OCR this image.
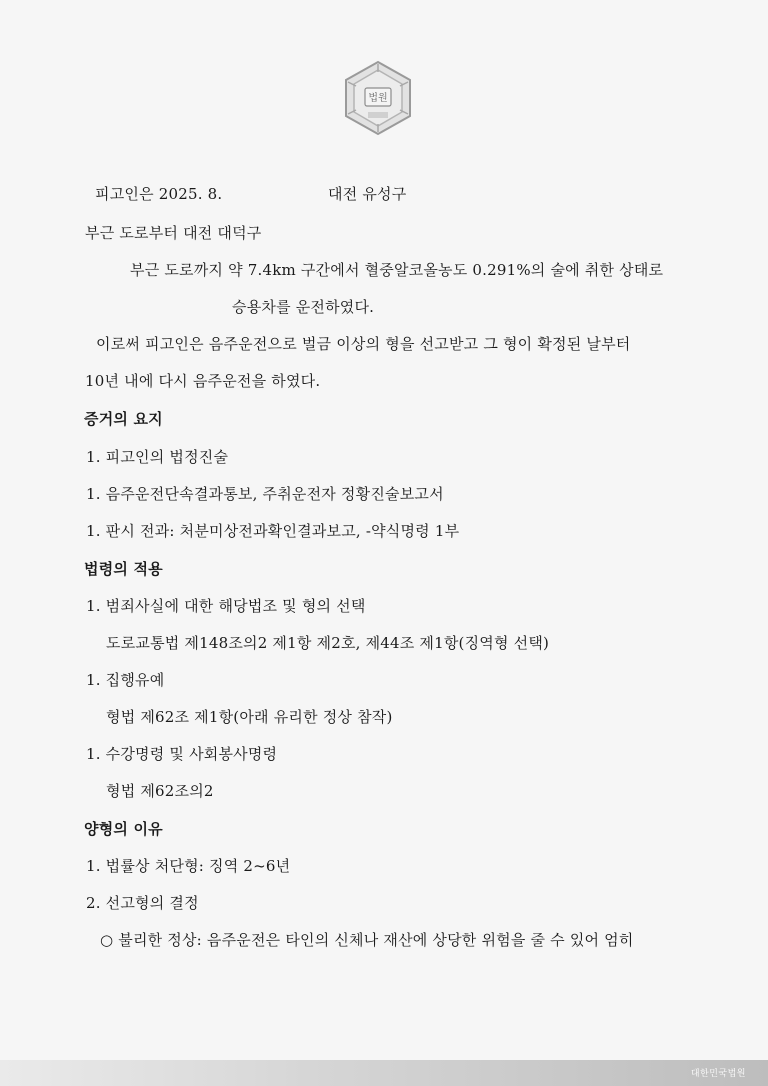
법원
피고인은 2025. 8.	대전 유성구
부근 도로부터 대전 대덕구
부근 도로까지 약 7.4km 구간에서 혈중알코올농도 0.291%의 술에 취한 상태로
승용차를 운전하였다.
이로써 피고인은 음주운전으로 벌금 이상의 형을 선고받고 그 형이 확정된 날부터
10년 내에 다시 음주운전을 하였다.
증거의 요지
1. 피고인의 법정진술
1. 음주운전단속결과통보, 주취운전자 정황진술보고서
1. 판시 전과: 처분미상전과확인결과보고, -약식명령 1부
법령의 적용
1. 범죄사실에 대한 해당법조 및 형의 선택
도로교통법 제148조의2 제1항 제2호, 제44조 제1항(징역형 선택)
1. 집행유예
형법 제62조 제1항(아래 유리한 정상 참작)
1. 수강명령 및 사회봉사명령
형법 제62조의2
양형의 이유
1. 법률상 처단형: 징역 2~6년
2. 선고형의 결정
○ 불리한 정상: 음주운전은 타인의 신체나 재산에 상당한 위험을 줄 수 있어 엄히
대한민국법원
